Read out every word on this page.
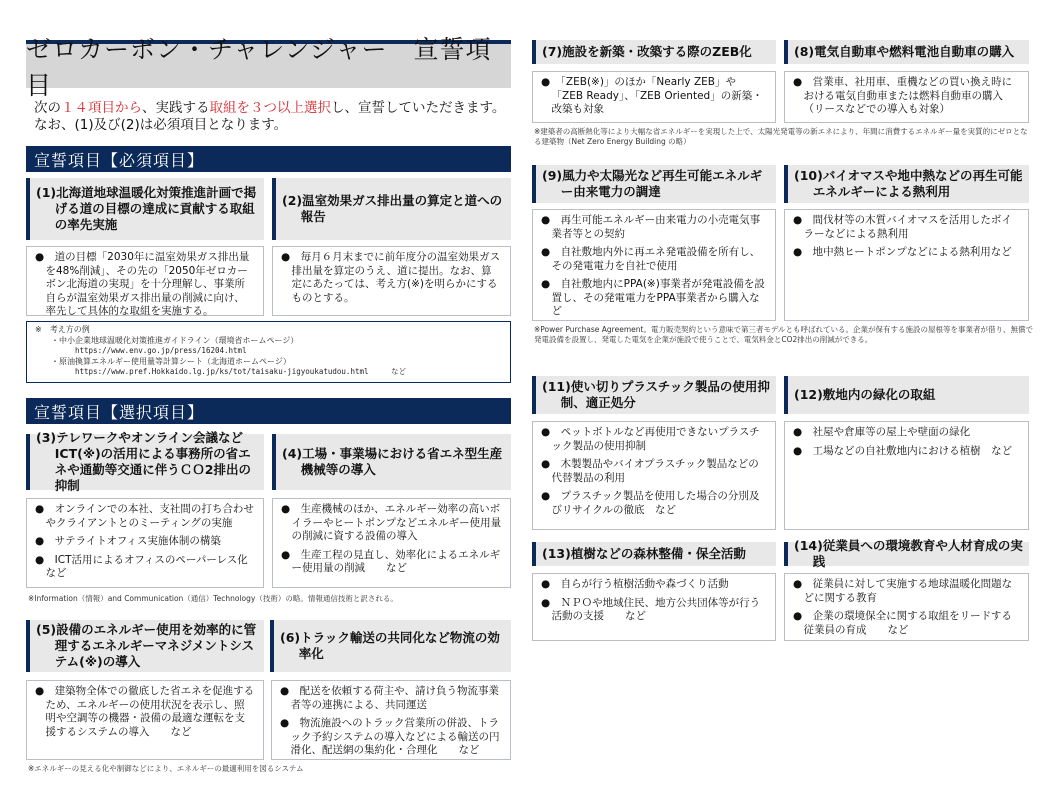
ゼロカーボン・チャレンジャー　宣誓項目
次の１４項目から、実践する取組を３つ以上選択し、宣誓していただきます。
なお、(1)及び(2)は必須項目となります。
宣誓項目【必須項目】
(1)北海道地球温暖化対策推進計画で掲げる道の目標の達成に貢献する取組の率先実施
●　道の目標「2030年に温室効果ガス排出量を48%削減」、その先の「2050年ゼロカーボン北海道の実現」を十分理解し、事業所自らが温室効果ガス排出量の削減に向け、率先して具体的な取組を実施する。
(2)温室効果ガス排出量の算定と道への報告
●　毎月６月末までに前年度分の温室効果ガス排出量を算定のうえ、道に提出。なお、算定にあたっては、考え方(※)を明らかにするものとする。
※　考え方の例
・中小企業地球温暖化対策推進ガイドライン（環境省ホームページ）
https://www.env.go.jp/press/16204.html
・原油換算エネルギー使用量等計算シート（北海道ホームページ）
https://www.pref.Hokkaido.lg.jp/ks/tot/taisaku-jigyoukatudou.html　　　など
宣誓項目【選択項目】
(3)テレワークやオンライン会議などICT(※)の活用による事務所の省エネや通勤等交通に伴うＣＯ2排出の抑制
●　オンラインでの本社、支社間の打ち合わせやクライアントとのミーティングの実施
●　サテライトオフィス実施体制の構築
●　ICT活用によるオフィスのペーパーレス化など
(4)工場・事業場における省エネ型生産機械等の導入
●　生産機械のほか、エネルギー効率の高いボイラーやヒートポンプなどエネルギー使用量の削減に資する設備の導入
●　生産工程の見直し、効率化によるエネルギー使用量の削減　　など
※Information（情報）and Communication（通信）Technology（技術）の略。情報通信技術と訳される。
(5)設備のエネルギー使用を効率的に管理するエネルギーマネジメントシステム(※)の導入
●　建築物全体での徹底した省エネを促進するため、エネルギーの使用状況を表示し、照明や空調等の機器・設備の最適な運転を支援するシステムの導入　　など
(6)トラック輸送の共同化など物流の効率化
●　配送を依頼する荷主や、請け負う物流事業者等の連携による、共同運送
●　物流施設へのトラック営業所の併設、トラック予約システムの導入などによる輸送の円滑化、配送網の集約化・合理化　　など
※エネルギーの見える化や制御などにより、エネルギーの最適利用を図るシステム
(7)施設を新築・改築する際のZEB化
●　「ZEB(※)」のほか「Nearly ZEB」や「ZEB Ready」、「ZEB Oriented」の新築・改築も対象
(8)電気自動車や燃料電池自動車の購入
●　営業車、社用車、重機などの買い換え時における電気自動車または燃料自動車の購入（リースなどでの導入も対象）
※建築者の高断熱化等により大幅な省エネルギーを実現した上で、太陽光発電等の新エネにより、年間に消費するエネルギー量を実質的にゼロとなる建築物（Net Zero Energy Building の略）
(9)風力や太陽光など再生可能エネルギー由来電力の調達
●　再生可能エネルギー由来電力の小売電気事業者等との契約
●　自社敷地内外に再エネ発電設備を所有し、その発電電力を自社で使用
●　自社敷地内にPPA(※)事業者が発電設備を設置し、その発電電力をPPA事業者から購入など
(10)バイオマスや地中熱などの再生可能エネルギーによる熱利用
●　間伐材等の木質バイオマスを活用したボイラーなどによる熱利用
●　地中熱ヒートポンプなどによる熱利用など
※Power Purchase Agreement。電力販売契約という意味で第三者モデルとも呼ばれている。企業が保有する施設の屋根等を事業者が借り、無償で発電設備を設置し、発電した電気を企業が施設で使うことで、電気料金とCO2排出の削減ができる。
(11)使い切りプラスチック製品の使用抑制、適正処分
●　ペットボトルなど再使用できないプラスチック製品の使用抑制
●　木製製品やバイオプラスチック製品などの代替製品の利用
●　プラスチック製品を使用した場合の分別及びリサイクルの徹底　など
(12)敷地内の緑化の取組
●　社屋や倉庫等の屋上や壁面の緑化
●　工場などの自社敷地内における植樹　など
(13)植樹などの森林整備・保全活動
●　自らが行う植樹活動や森づくり活動
●　ＮＰＯや地域住民、地方公共団体等が行う活動の支援　　など
(14)従業員への環境教育や人材育成の実践
●　従業員に対して実施する地球温暖化問題などに関する教育
●　企業の環境保全に関する取組をリードする従業員の育成　　など
